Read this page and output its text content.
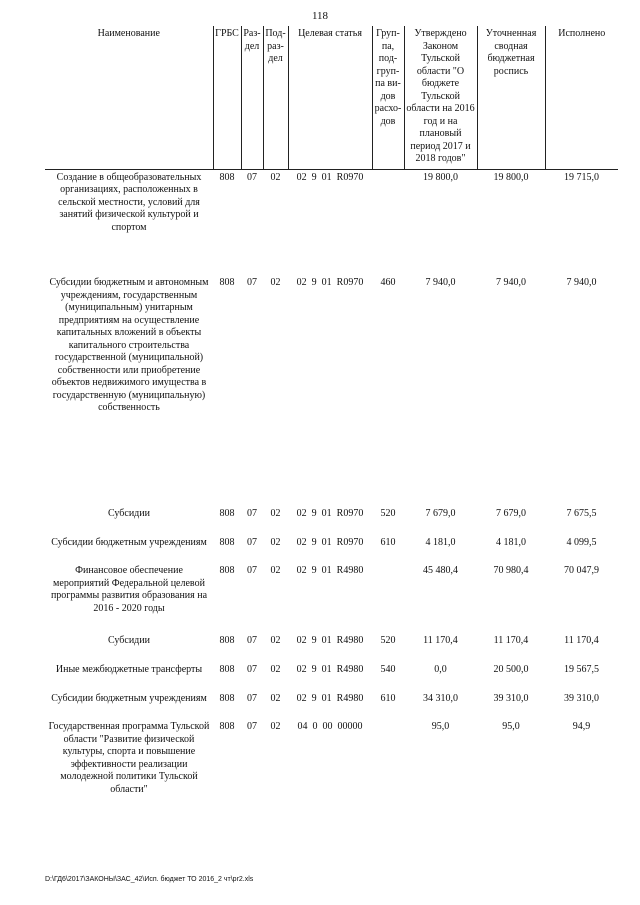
118
Наименование	ГРБС	Раз-дел	Под-раз-дел	Целевая статья	Груп-па, под-груп-па ви-дов расхо-дов	Утверждено Законом Тульской области "О бюджете Тульской области на 2016 год и на плановый период 2017 и 2018 годов"	Уточненная сводная бюджетная роспись	Исполнено
Создание в общеобразовательных организациях, расположенных в сельской местности, условий для занятий физической культурой и спортом	808	07	02	02  9  01  R0970		19 800,0	19 800,0	19 715,0
Субсидии бюджетным и автономным учреждениям, государственным (муниципальным) унитарным предприятиям на осуществление капитальных вложений в объекты капитального строительства государственной (муниципальной) собственности или приобретение объектов недвижимого имущества в государственную (муниципальную) собственность	808	07	02	02  9  01  R0970	460	7 940,0	7 940,0	7 940,0
Субсидии	808	07	02	02  9  01  R0970	520	7 679,0	7 679,0	7 675,5
Субсидии бюджетным учреждениям	808	07	02	02  9  01  R0970	610	4 181,0	4 181,0	4 099,5
Финансовое обеспечение мероприятий Федеральной целевой программы развития образования на 2016 - 2020 годы	808	07	02	02  9  01  R4980		45 480,4	70 980,4	70 047,9
Субсидии	808	07	02	02  9  01  R4980	520	11 170,4	11 170,4	11 170,4
Иные межбюджетные трансферты	808	07	02	02  9  01  R4980	540	0,0	20 500,0	19 567,5
Субсидии бюджетным учреждениям	808	07	02	02  9  01  R4980	610	34 310,0	39 310,0	39 310,0
Государственная программа Тульской области "Развитие физической культуры, спорта и повышение эффективности реализации молодежной политики Тульской области"	808	07	02	04  0  00  00000		95,0	95,0	94,9
D:\ГД6\2017\ЗАКОНЫ\ЗАС_42\Исп. бюджет ТО 2016_2 чт\pr2.xls
